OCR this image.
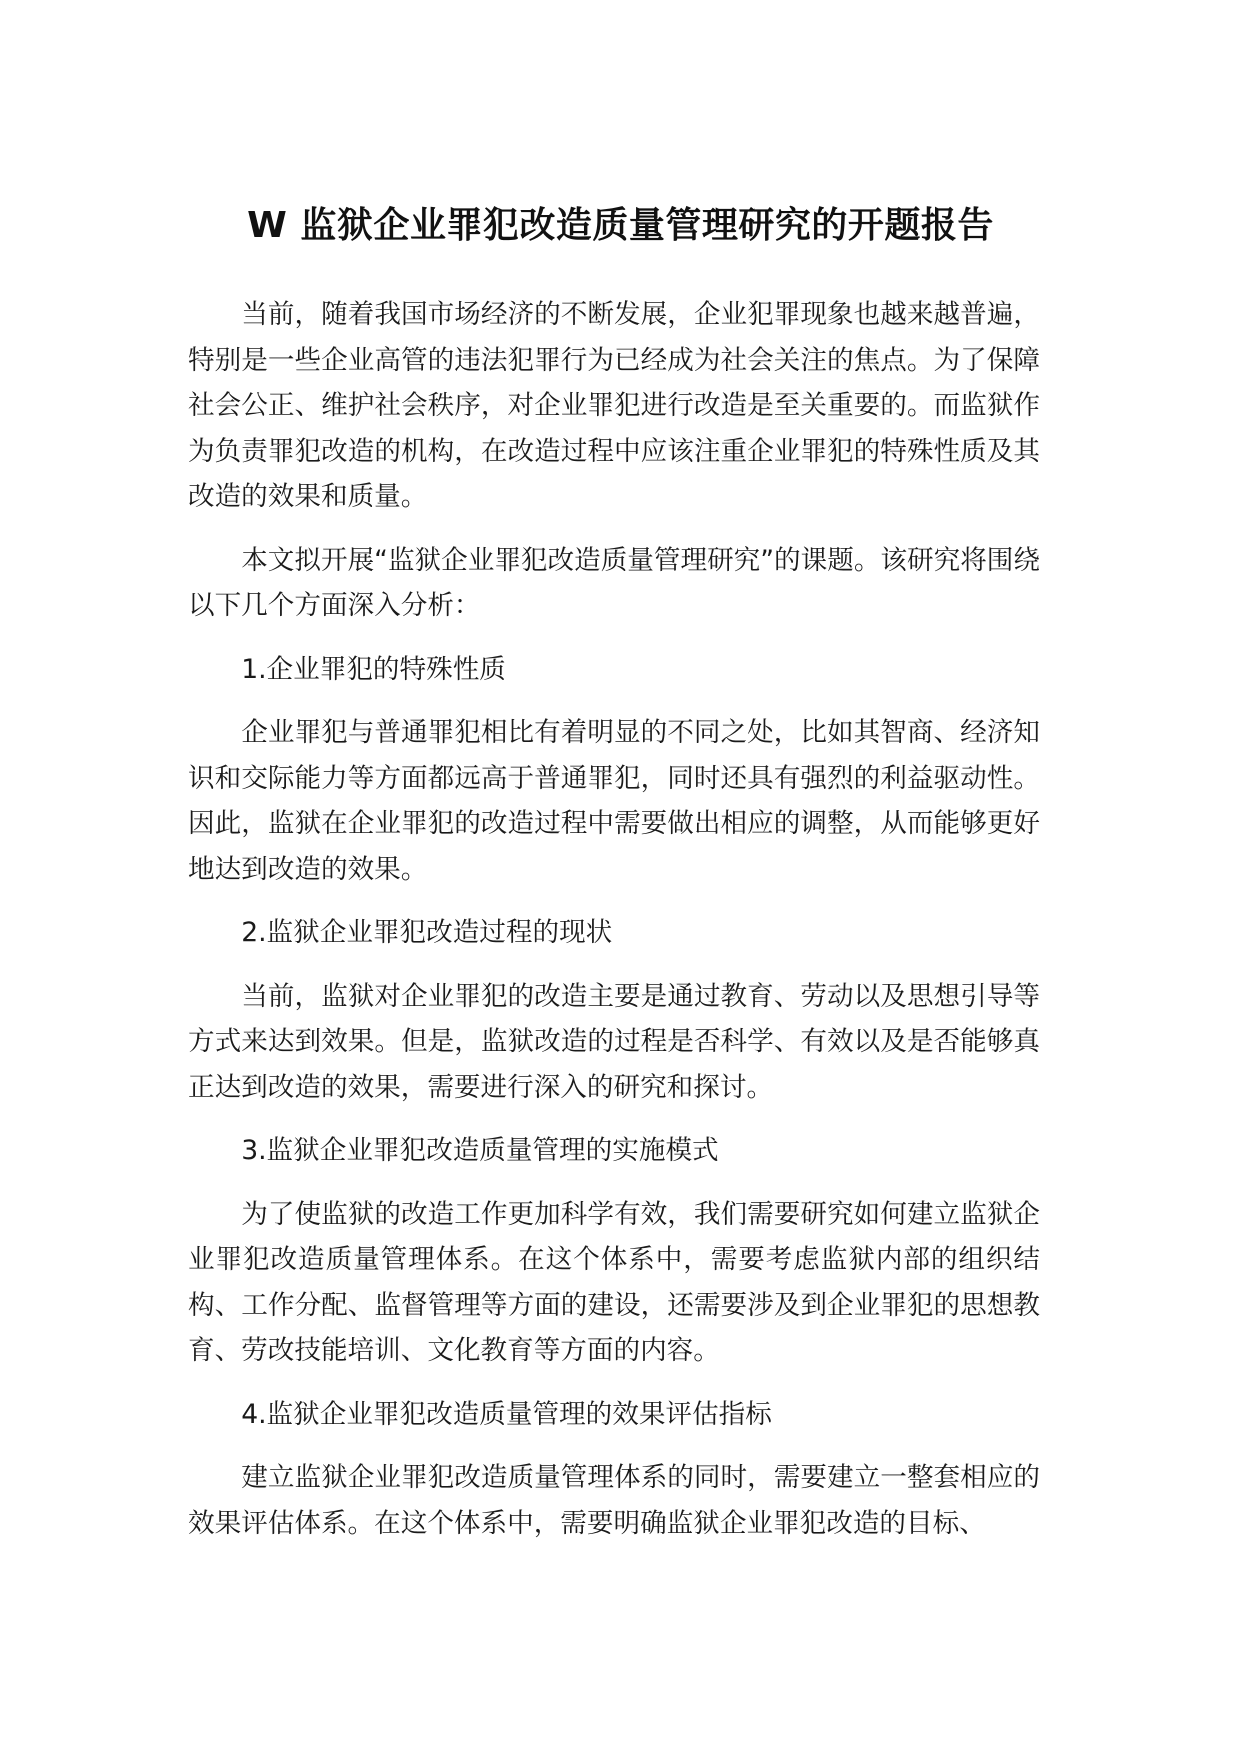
W 监狱企业罪犯改造质量管理研究的开题报告

当前，随着我国市场经济的不断发展，企业犯罪现象也越来越普遍，特别是一些企业高管的违法犯罪行为已经成为社会关注的焦点。为了保障社会公正、维护社会秩序，对企业罪犯进行改造是至关重要的。而监狱作为负责罪犯改造的机构，在改造过程中应该注重企业罪犯的特殊性质及其改造的效果和质量。

本文拟开展“监狱企业罪犯改造质量管理研究”的课题。该研究将围绕以下几个方面深入分析：

1.企业罪犯的特殊性质

企业罪犯与普通罪犯相比有着明显的不同之处，比如其智商、经济知识和交际能力等方面都远高于普通罪犯，同时还具有强烈的利益驱动性。因此，监狱在企业罪犯的改造过程中需要做出相应的调整，从而能够更好地达到改造的效果。

2.监狱企业罪犯改造过程的现状

当前，监狱对企业罪犯的改造主要是通过教育、劳动以及思想引导等方式来达到效果。但是，监狱改造的过程是否科学、有效以及是否能够真正达到改造的效果，需要进行深入的研究和探讨。

3.监狱企业罪犯改造质量管理的实施模式

为了使监狱的改造工作更加科学有效，我们需要研究如何建立监狱企业罪犯改造质量管理体系。在这个体系中，需要考虑监狱内部的组织结构、工作分配、监督管理等方面的建设，还需要涉及到企业罪犯的思想教育、劳改技能培训、文化教育等方面的内容。

4.监狱企业罪犯改造质量管理的效果评估指标

建立监狱企业罪犯改造质量管理体系的同时，需要建立一整套相应的效果评估体系。在这个体系中，需要明确监狱企业罪犯改造的目标、
